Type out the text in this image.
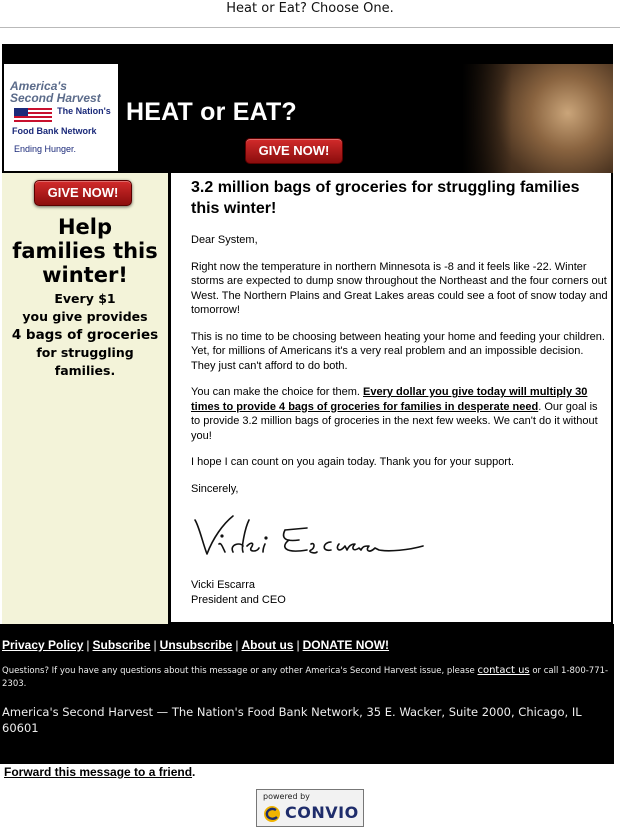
Heat or Eat? Choose One.
America's
Second Harvest
The Nation's
Food Bank Network
Ending Hunger.
HEAT or EAT?
GIVE NOW!
GIVE NOW!
Help
families this
winter!
Every $1
you give provides
4 bags of groceries
for struggling
families.
3.2 million bags of groceries for struggling families this winter!

Dear System,

Right now the temperature in northern Minnesota is -8 and it feels like -22. Winter storms are expected to dump snow throughout the Northeast and the four corners out West. The Northern Plains and Great Lakes areas could see a foot of snow today and tomorrow!

This is no time to be choosing between heating your home and feeding your children. Yet, for millions of Americans it's a very real problem and an impossible decision. They just can't afford to do both.

You can make the choice for them. Every dollar you give today will multiply 30 times to provide 4 bags of groceries for families in desperate need. Our goal is to provide 3.2 million bags of groceries in the next few weeks. We can't do it without you!

I hope I can count on you again today. Thank you for your support.

Sincerely,

Vicki Escarra

President and CEO

Privacy Policy | Subscribe | Unsubscribe | About us | DONATE NOW!
Questions? If you have any questions about this message or any other America's Second Harvest issue, please contact us or call 1-800-771-2303.
America's Second Harvest — The Nation's Food Bank Network, 35 E. Wacker, Suite 2000, Chicago, IL 60601
Forward this message to a friend.
powered by
CONVIO
